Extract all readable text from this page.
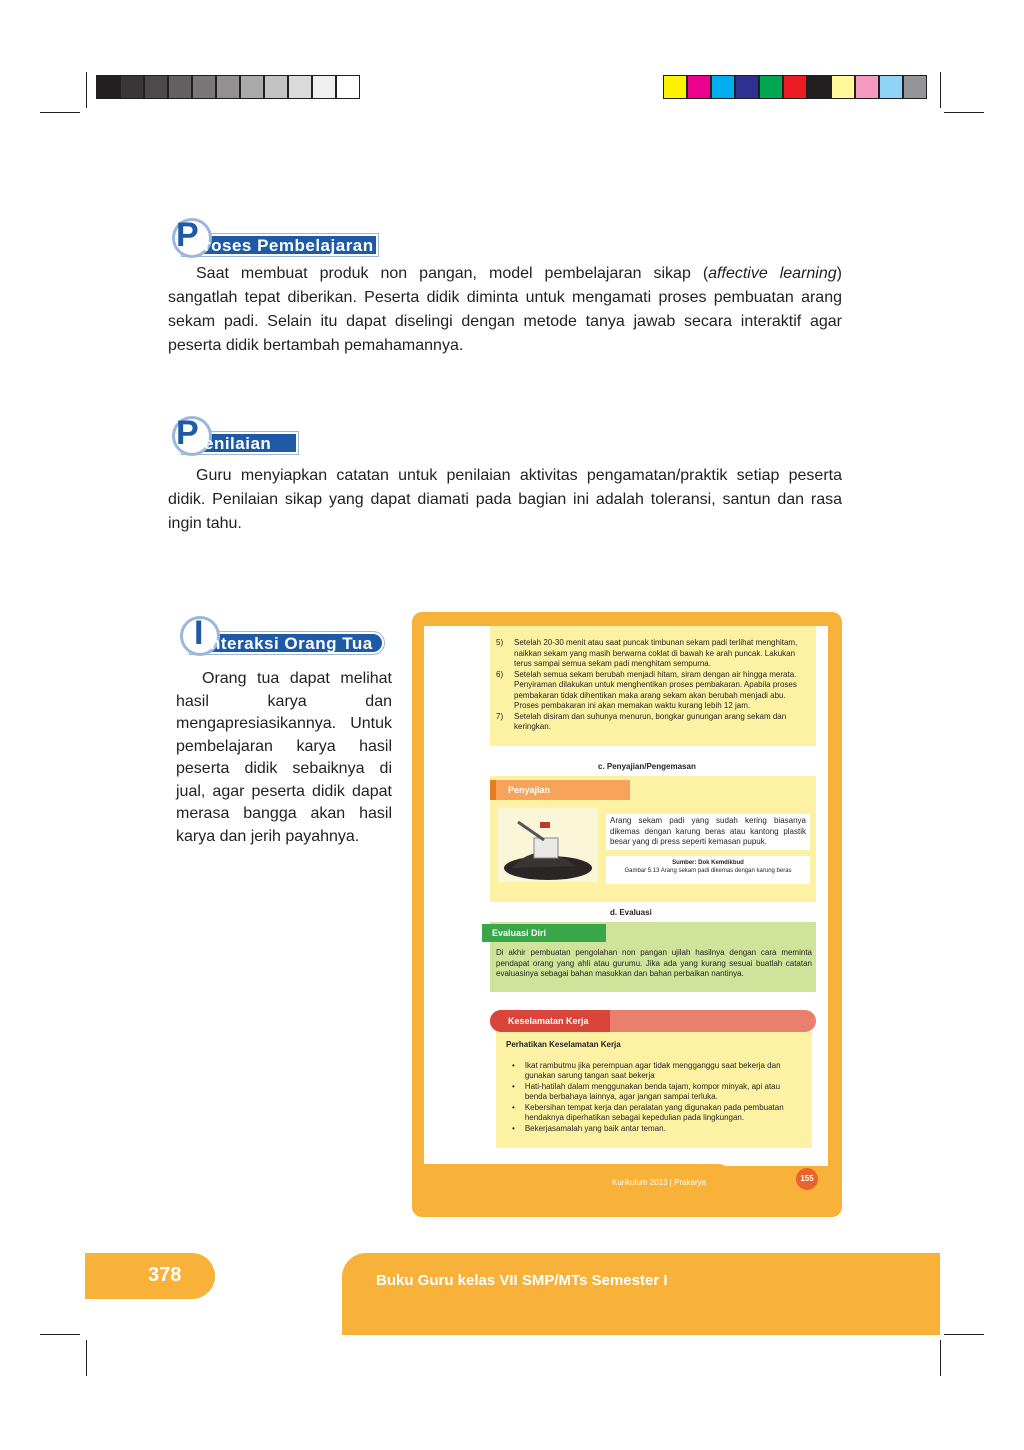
P roses Pembelajaran

Saat membuat produk non pangan, model pembelajaran sikap (affective learning) sangatlah tepat diberikan. Peserta didik diminta untuk mengamati proses pembuatan arang sekam padi. Selain itu dapat diselingi dengan metode tanya jawab secara interaktif agar peserta didik bertambah pemahamannya.

P enilaian

Guru menyiapkan catatan untuk penilaian aktivitas pengamatan/praktik setiap peserta didik. Penilaian sikap yang dapat diamati pada bagian ini adalah toleransi, santun dan rasa ingin tahu.

I nteraksi Orang Tua

Orang tua dapat melihat hasil karya dan mengapresiasikannya. Untuk pembelajaran karya hasil peserta didik sebaiknya di jual, agar peserta didik dapat merasa bangga akan hasil karya dan jerih payahnya.

5)	Setelah 20-30 menit atau saat puncak timbunan sekam padi terlihat menghitam, naikkan sekam yang masih berwarna coklat di bawah ke arah puncak. Lakukan terus sampai semua sekam padi menghitam sempurna.
6)	Setelah semua sekam berubah menjadi hitam, siram dengan air hingga merata. Penyiraman dilakukan untuk menghentikan proses pembakaran. Apabila proses pembakaran tidak dihentikan maka arang sekam akan berubah menjadi abu. Proses pembakaran ini akan memakan waktu kurang lebih 12 jam.
7)	Setelah disiram dan suhunya menurun, bongkar gunungan arang sekam dan keringkan.
c. Penyajian/Pengemasan
Penyajian
Arang sekam padi yang sudah kering biasanya dikemas dengan karung beras atau kantong plastik besar yang di press seperti kemasan pupuk.
Sumber: Dok Kemdikbud
Gambar 5.13 Arang sekam padi dikemas dengan karung beras
d. Evaluasi
Evaluasi Diri
Di akhir pembuatan pengolahan non pangan ujilah hasilnya dengan cara meminta pendapat orang yang ahli atau gurumu. Jika ada yang kurang sesuai buatlah catatan evaluasinya sebagai bahan masukkan dan bahan perbaikan nantinya.
Keselamatan Kerja
Perhatikan Keselamatan Kerja
• Ikat rambutmu jika perempuan agar tidak mengganggu saat bekerja dan gunakan sarung tangan saat bekerja
• Hati-hatilah dalam menggunakan benda tajam, kompor minyak, api atau benda berbahaya lainnya, agar jangan sampai terluka.
• Kebersihan tempat kerja dan peralatan yang digunakan pada pembuatan hendaknya diperhatikan sebagai kepedulian pada lingkungan.
• Bekerjasamalah yang baik antar teman.
Kurikulum 2013 | Prakarya	155
378	Buku Guru kelas VII SMP/MTs Semester I
